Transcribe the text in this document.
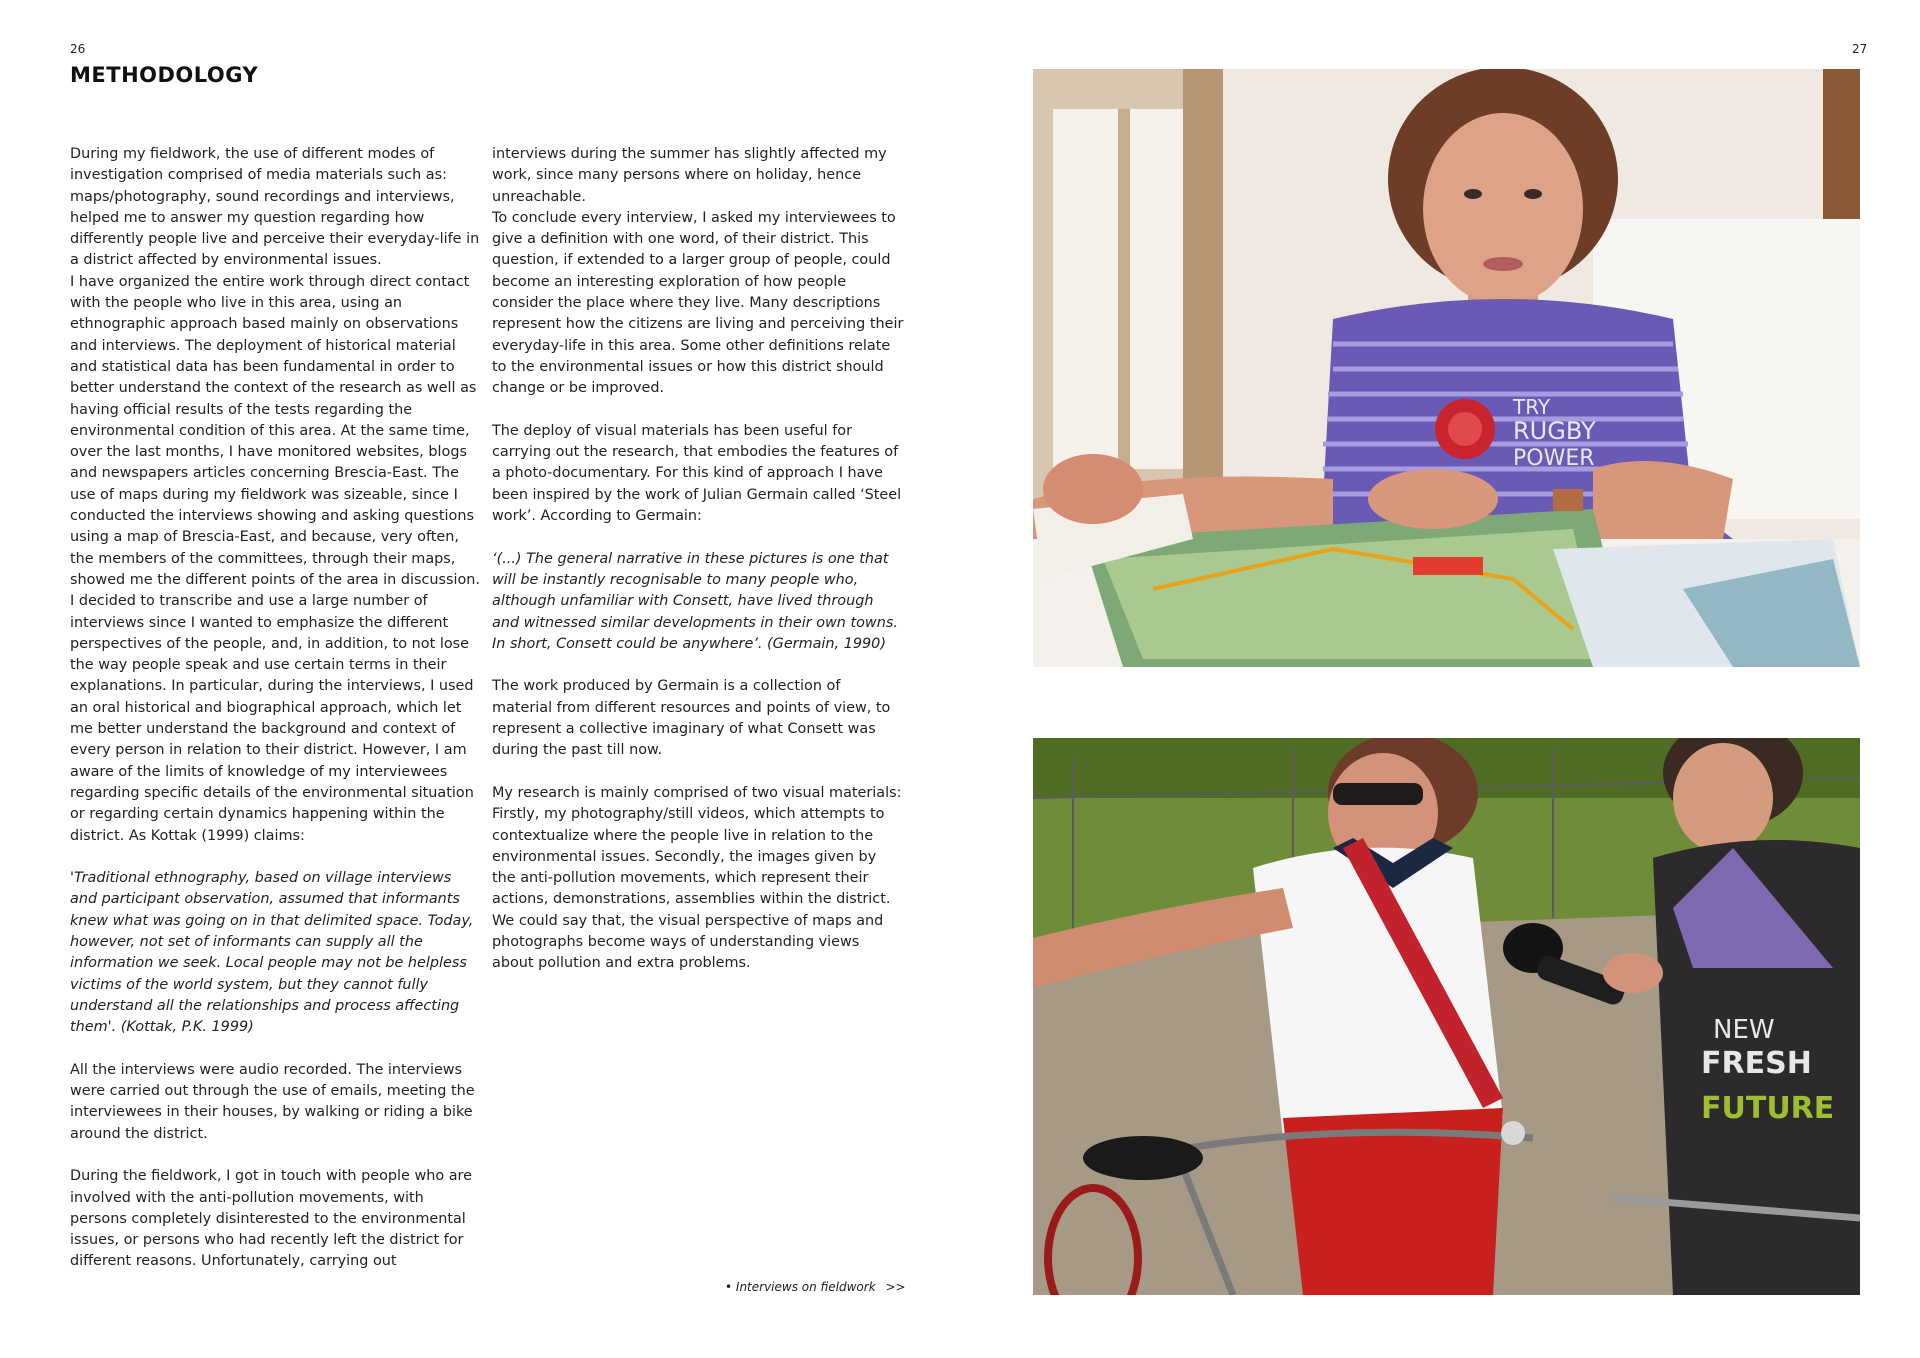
26	27
METHODOLOGY

During my fieldwork, the use of different modes of investigation comprised of media materials such as: maps/photography, sound recordings and interviews, helped me to answer my question regarding how differently people live and perceive their everyday-life in a district affected by environmental issues.

I have organized the entire work through direct contact with the people who live in this area, using an ethnographic approach based mainly on observations and interviews. The deployment of historical material and statistical data has been fundamental in order to better understand the context of the research as well as having official results of the tests regarding the environmental condition of this area. At the same time, over the last months, I have monitored websites, blogs and newspapers articles concerning Brescia-East. The use of maps during my fieldwork was sizeable, since I conducted the interviews showing and asking questions using a map of Brescia-East, and because, very often, the members of the committees, through their maps, showed me the different points of the area in discussion. I decided to transcribe and use a large number of interviews since I wanted to emphasize the different perspectives of the people, and, in addition, to not lose the way people speak and use certain terms in their explanations. In particular, during the interviews, I used an oral historical and biographical approach, which let me better understand the background and context of every person in relation to their district. However, I am aware of the limits of knowledge of my interviewees regarding specific details of the environmental situation or regarding certain dynamics happening within the district. As Kottak (1999) claims:

'Traditional ethnography, based on village interviews and participant observation, assumed that informants knew what was going on in that delimited space. Today, however, not set of informants can supply all the information we seek. Local people may not be helpless victims of the world system, but they cannot fully understand all the relationships and process affecting them'. (Kottak, P.K. 1999)

All the interviews were audio recorded. The interviews were carried out through the use of emails, meeting the interviewees in their houses, by walking or riding a bike around the district.

During the fieldwork, I got in touch with people who are involved with the anti-pollution movements, with persons completely disinterested to the environmental issues, or persons who had recently left the district for different reasons. Unfortunately, carrying out

interviews during the summer has slightly affected my work, since many persons where on holiday, hence unreachable.

To conclude every interview, I asked my interviewees to give a definition with one word, of their district. This question, if extended to a larger group of people, could become an interesting exploration of how people consider the place where they live. Many descriptions represent how the citizens are living and perceiving their everyday-life in this area. Some other definitions relate to the environmental issues or how this district should change or be improved.

The deploy of visual materials has been useful for carrying out the research, that embodies the features of a photo-documentary. For this kind of approach I have been inspired by the work of Julian Germain called ‘Steel work’. According to Germain:

‘(...) The general narrative in these pictures is one that will be instantly recognisable to many people who, although unfamiliar with Consett, have lived through and witnessed similar developments in their own towns. In short, Consett could be anywhere’. (Germain, 1990)

The work produced by Germain is a collection of material from different resources and points of view, to represent a collective imaginary of what Consett was during the past till now.

My research is mainly comprised of two visual materials: Firstly, my photography/still videos, which attempts to contextualize where the people live in relation to the environmental issues. Secondly, the images given by the anti-pollution movements, which represent their actions, demonstrations, assemblies within the district. We could say that, the visual perspective of maps and photographs become ways of understanding views about pollution and extra problems.

• Interviews on fieldwork >>
TRY
RUGBY
POWER
NEW
FRESH
FUTURE
